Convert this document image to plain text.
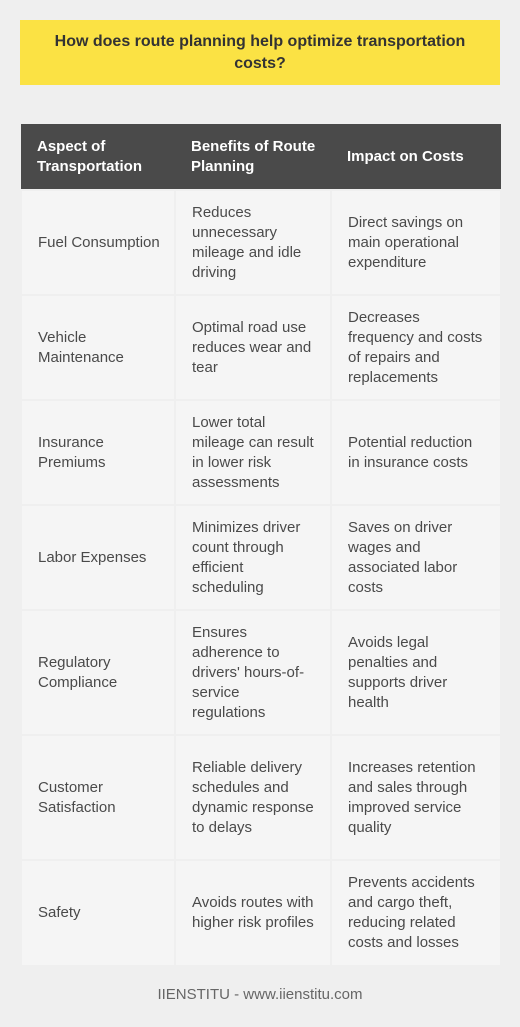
How does route planning help optimize transportation costs?
Aspect of Transportation	Benefits of Route Planning	Impact on Costs
Fuel Consumption	Reduces unnecessary mileage and idle driving	Direct savings on main operational expenditure
Vehicle Maintenance	Optimal road use reduces wear and tear	Decreases frequency and costs of repairs and replacements
Insurance Premiums	Lower total mileage can result in lower risk assessments	Potential reduction in insurance costs
Labor Expenses	Minimizes driver count through efficient scheduling	Saves on driver wages and associated labor costs
Regulatory Compliance	Ensures adherence to drivers' hours-of-service regulations	Avoids legal penalties and supports driver health
Customer Satisfaction	Reliable delivery schedules and dynamic response to delays	Increases retention and sales through improved service quality
Safety	Avoids routes with higher risk profiles	Prevents accidents and cargo theft, reducing related costs and losses
IIENSTITU - www.iienstitu.com
